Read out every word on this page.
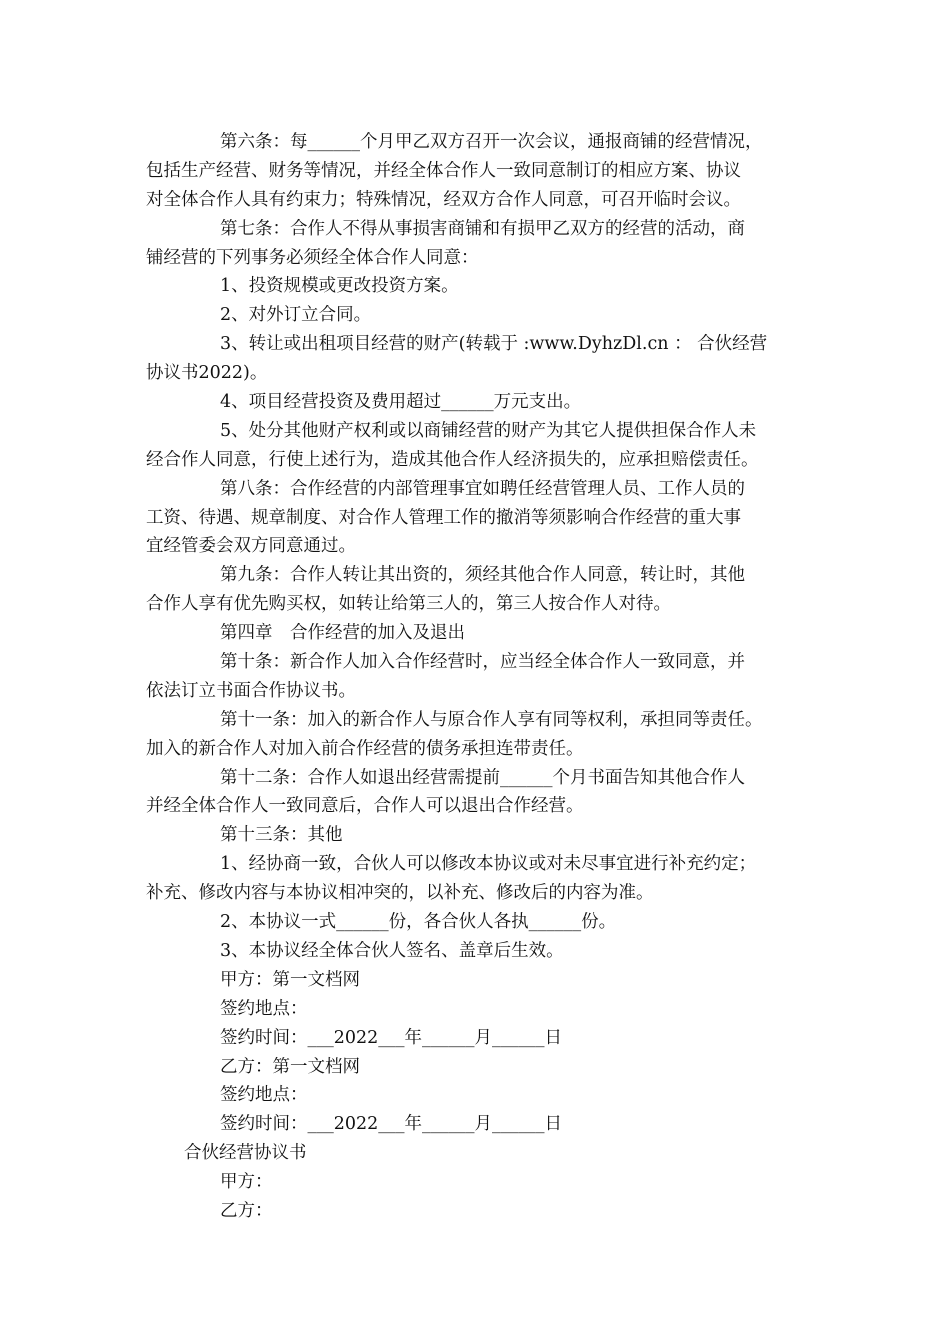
第六条：每______个月甲乙双方召开一次会议，通报商铺的经营情况，
包括生产经营、财务等情况，并经全体合作人一致同意制订的相应方案、协议
对全体合作人具有约束力；特殊情况，经双方合作人同意，可召开临时会议。
第七条：合作人不得从事损害商铺和有损甲乙双方的经营的活动，商
铺经营的下列事务必须经全体合作人同意：
1、投资规模或更改投资方案。
2、对外订立合同。
3、转让或出租项目经营的财产(转载于 :www.DyhzDl.cn ： 合伙经营
协议书2022)。
4、项目经营投资及费用超过______万元支出。
5、处分其他财产权利或以商铺经营的财产为其它人提供担保合作人未
经合作人同意，行使上述行为，造成其他合作人经济损失的，应承担赔偿责任。
第八条：合作经营的内部管理事宜如聘任经营管理人员、工作人员的
工资、待遇、规章制度、对合作人管理工作的撤消等须影响合作经营的重大事
宜经管委会双方同意通过。
第九条：合作人转让其出资的，须经其他合作人同意，转让时，其他
合作人享有优先购买权，如转让给第三人的，第三人按合作人对待。
第四章　合作经营的加入及退出
第十条：新合作人加入合作经营时，应当经全体合作人一致同意，并
依法订立书面合作协议书。
第十一条：加入的新合作人与原合作人享有同等权利，承担同等责任。
加入的新合作人对加入前合作经营的债务承担连带责任。
第十二条：合作人如退出经营需提前______个月书面告知其他合作人
并经全体合作人一致同意后，合作人可以退出合作经营。
第十三条：其他
1、经协商一致，合伙人可以修改本协议或对未尽事宜进行补充约定；
补充、修改内容与本协议相冲突的，以补充、修改后的内容为准。
2、本协议一式______份，各合伙人各执______份。
3、本协议经全体合伙人签名、盖章后生效。
甲方：第一文档网
签约地点：
签约时间：___2022___年______月______日
乙方：第一文档网
签约地点：
签约时间：___2022___年______月______日
合伙经营协议书
甲方：
乙方：
